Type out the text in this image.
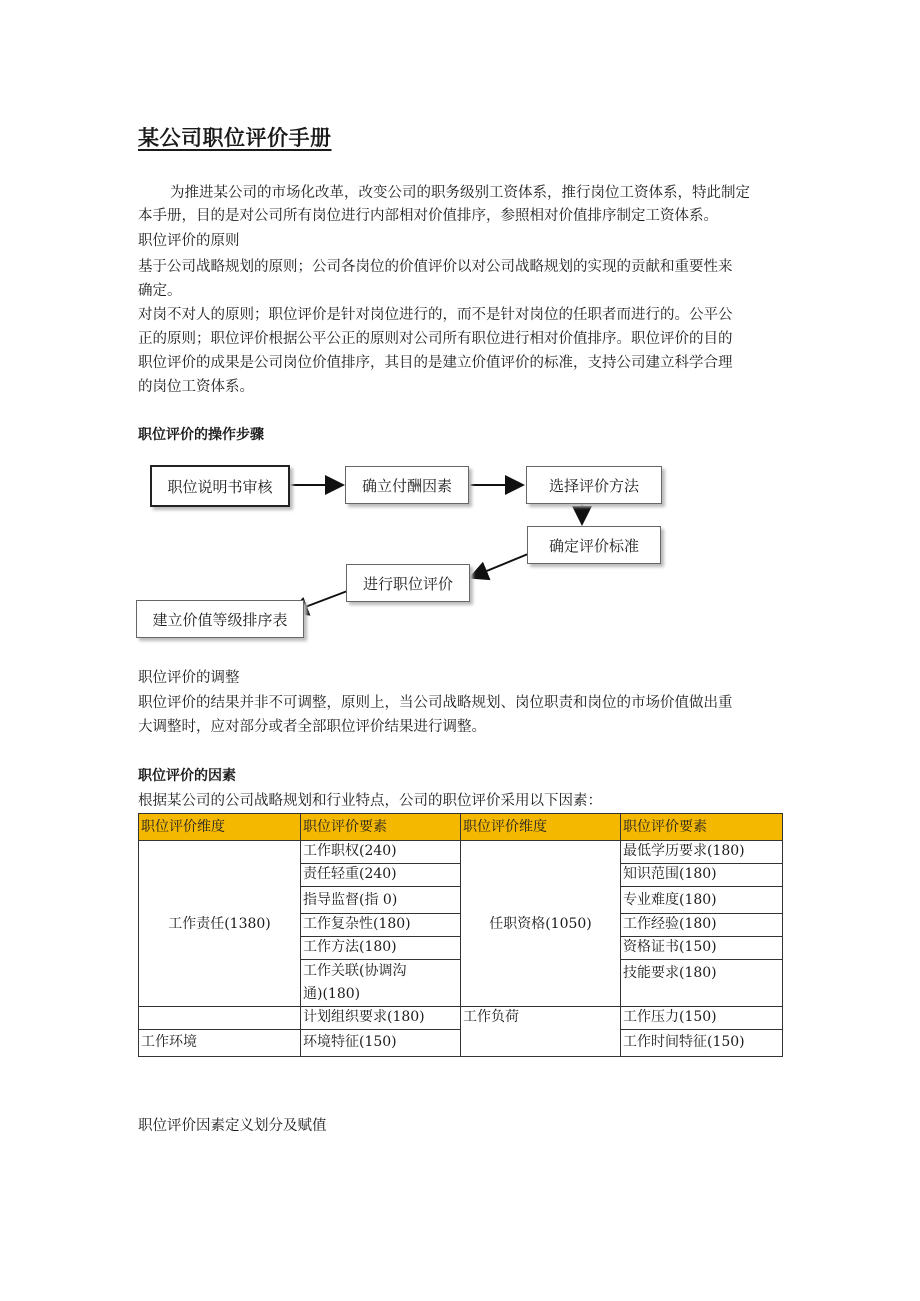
某公司职位评价手册

为推进某公司的市场化改革，改变公司的职务级别工资体系，推行岗位工资体系，特此制定

本手册，目的是对公司所有岗位进行内部相对价值排序，参照相对价值排序制定工资体系。

职位评价的原则

基于公司战略规划的原则；公司各岗位的价值评价以对公司战略规划的实现的贡献和重要性来

确定。

对岗不对人的原则；职位评价是针对岗位进行的，而不是针对岗位的任职者而进行的。公平公

正的原则；职位评价根据公平公正的原则对公司所有职位进行相对价值排序。职位评价的目的

职位评价的成果是公司岗位价值排序，其目的是建立价值评价的标准，支持公司建立科学合理

的岗位工资体系。

职位评价的操作步骤

职位说明书审核	确立付酬因素	选择评价方法
确定评价标准
进行职位评价
建立价值等级排序表

职位评价的调整

职位评价的结果并非不可调整，原则上，当公司战略规划、岗位职责和岗位的市场价值做出重

大调整时，应对部分或者全部职位评价结果进行调整。

职位评价的因素

根据某公司的公司战略规划和行业特点，公司的职位评价采用以下因素：

职位评价维度	职位评价要素	职位评价维度	职位评价要素
工作责任(1380)	工作职权(240)	任职资格(1050)	最低学历要求(180)
	责任轻重(240)		知识范围(180)
	指导监督(指 0)		专业难度(180)
	工作复杂性(180)		工作经验(180)
	工作方法(180)		资格证书(150)
	工作关联(协调沟
通)(180)		技能要求(180)
	计划组织要求(180)	工作负荷	工作压力(150)
工作环境	环境特征(150)		工作时间特征(150)

职位评价因素定义划分及赋值
